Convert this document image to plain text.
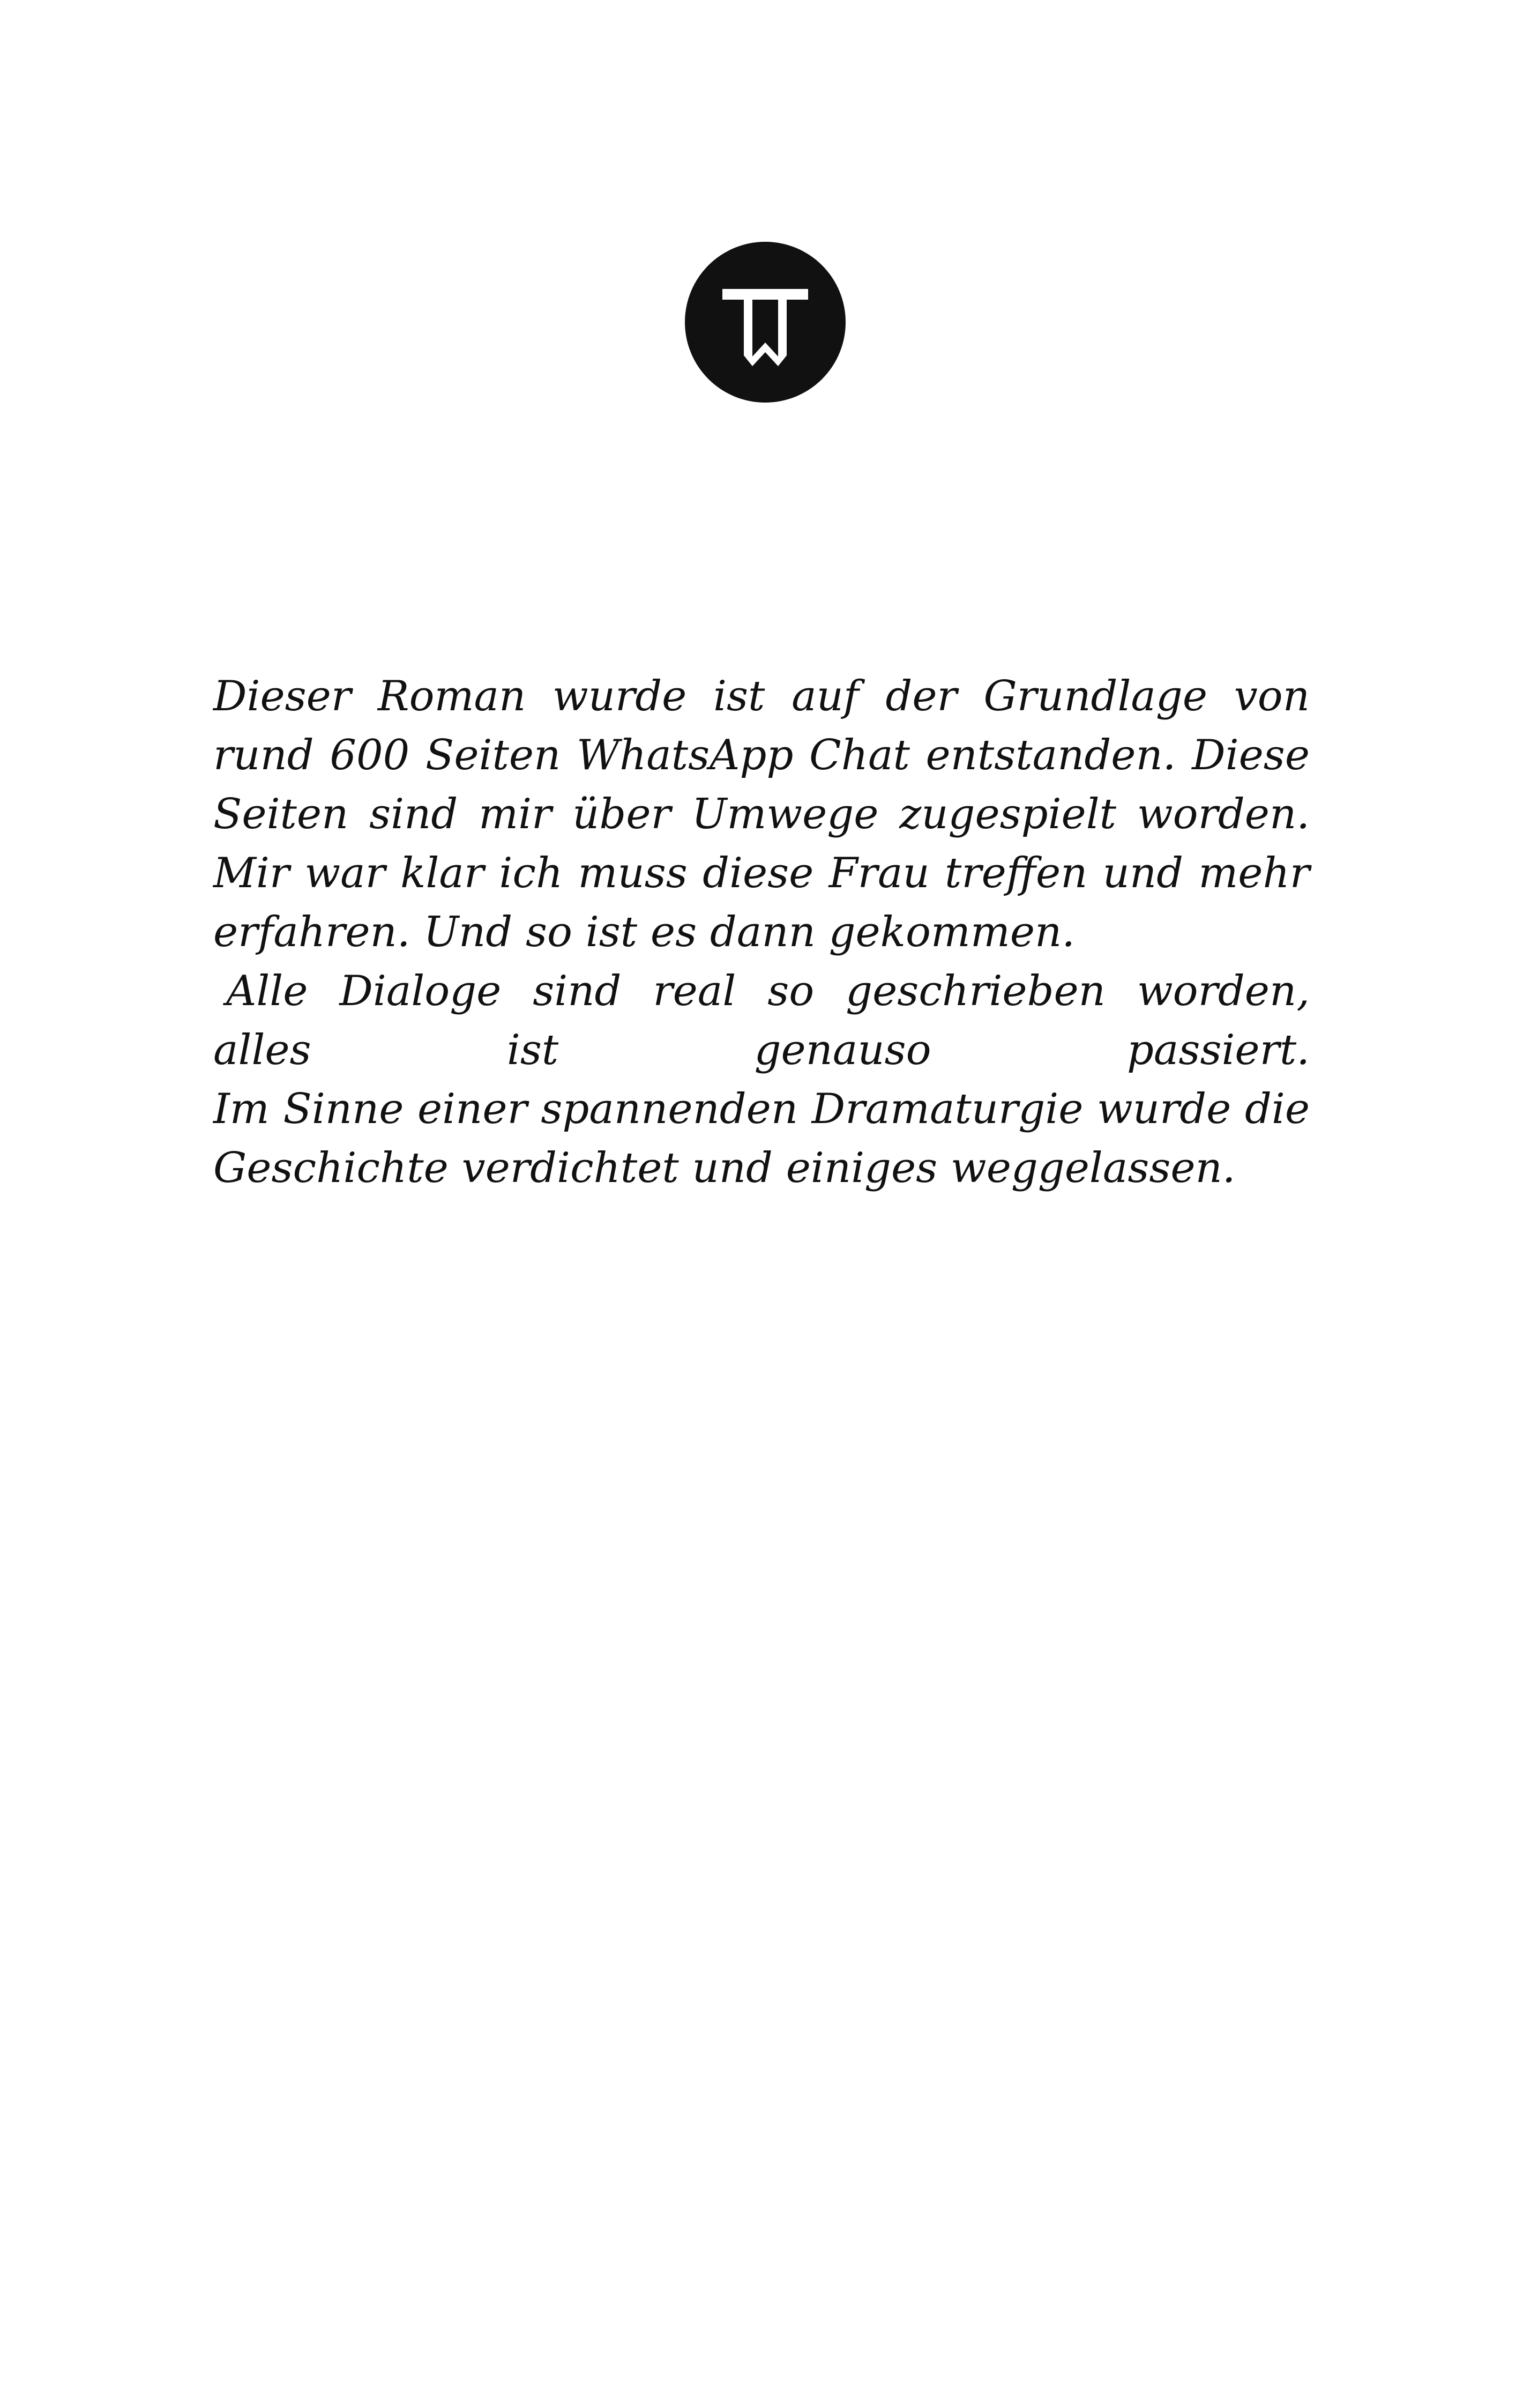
Dieser Roman wurde ist auf der Grundlage von rund 600 Seiten WhatsApp Chat entstanden. Diese Seiten sind mir über Umwege zugespielt worden. Mir war klar ich muss diese Frau treffen und mehr erfahren. Und so ist es dann gekommen.

Alle Dialoge sind real so geschrieben worden, alles ist genauso passiert.

Im Sinne einer spannenden Dramaturgie wurde die Geschichte verdichtet und einiges weggelassen.
